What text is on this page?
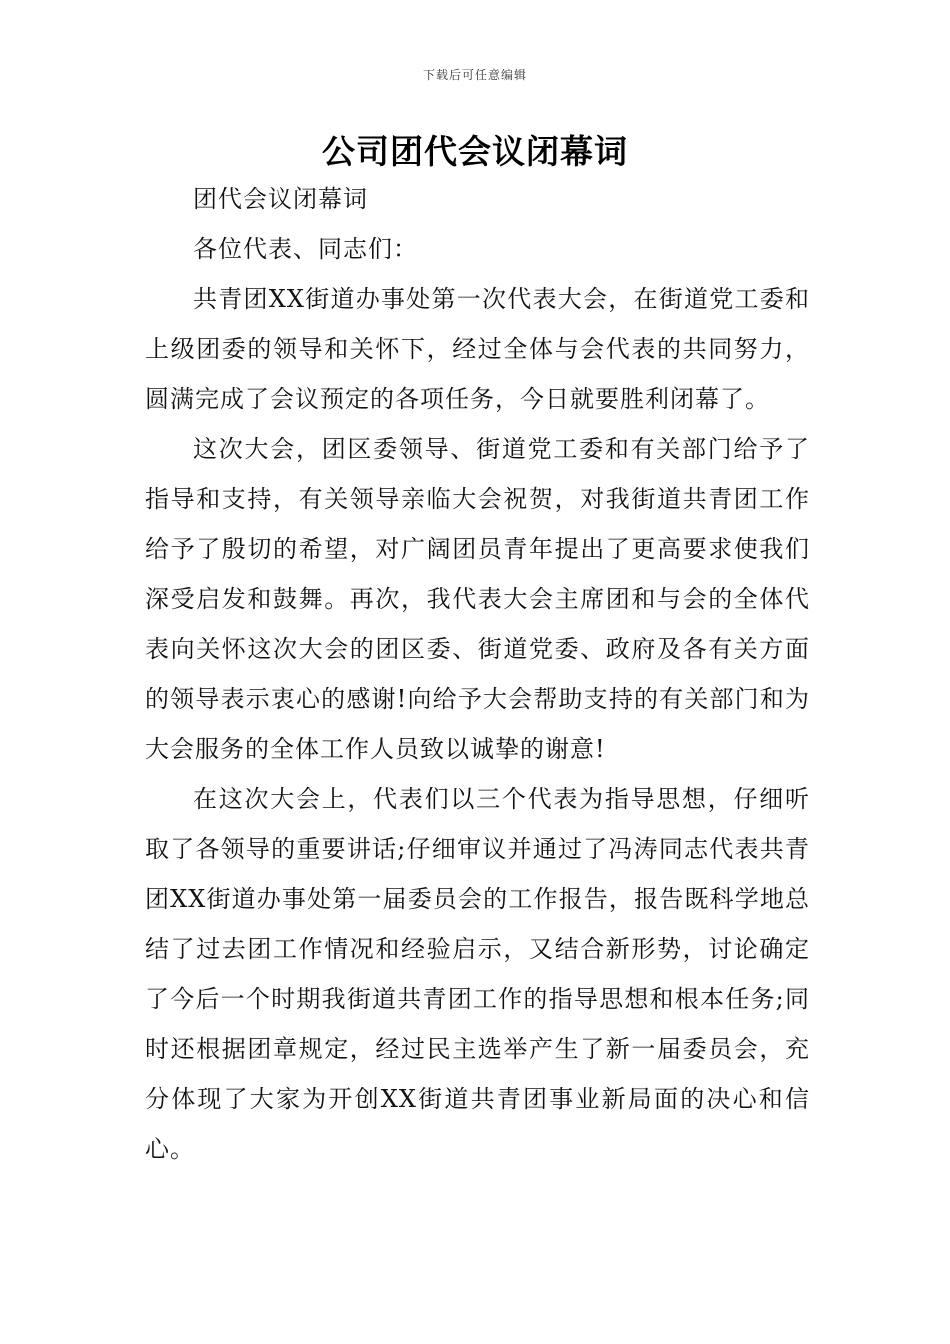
下载后可任意编辑
公司团代会议闭幕词

团代会议闭幕词

各位代表、同志们：

共青团XX街道办事处第一次代表大会，在街道党工委和上级团委的领导和关怀下，经过全体与会代表的共同努力，圆满完成了会议预定的各项任务，今日就要胜利闭幕了。

这次大会，团区委领导、街道党工委和有关部门给予了指导和支持，有关领导亲临大会祝贺，对我街道共青团工作给予了殷切的希望，对广阔团员青年提出了更高要求使我们深受启发和鼓舞。再次，我代表大会主席团和与会的全体代表向关怀这次大会的团区委、街道党委、政府及各有关方面的领导表示衷心的感谢!向给予大会帮助支持的有关部门和为大会服务的全体工作人员致以诚挚的谢意!

在这次大会上，代表们以三个代表为指导思想，仔细听取了各领导的重要讲话;仔细审议并通过了冯涛同志代表共青团XX街道办事处第一届委员会的工作报告，报告既科学地总结了过去团工作情况和经验启示，又结合新形势，讨论确定了今后一个时期我街道共青团工作的指导思想和根本任务;同时还根据团章规定，经过民主选举产生了新一届委员会，充分体现了大家为开创XX街道共青团事业新局面的决心和信心。
